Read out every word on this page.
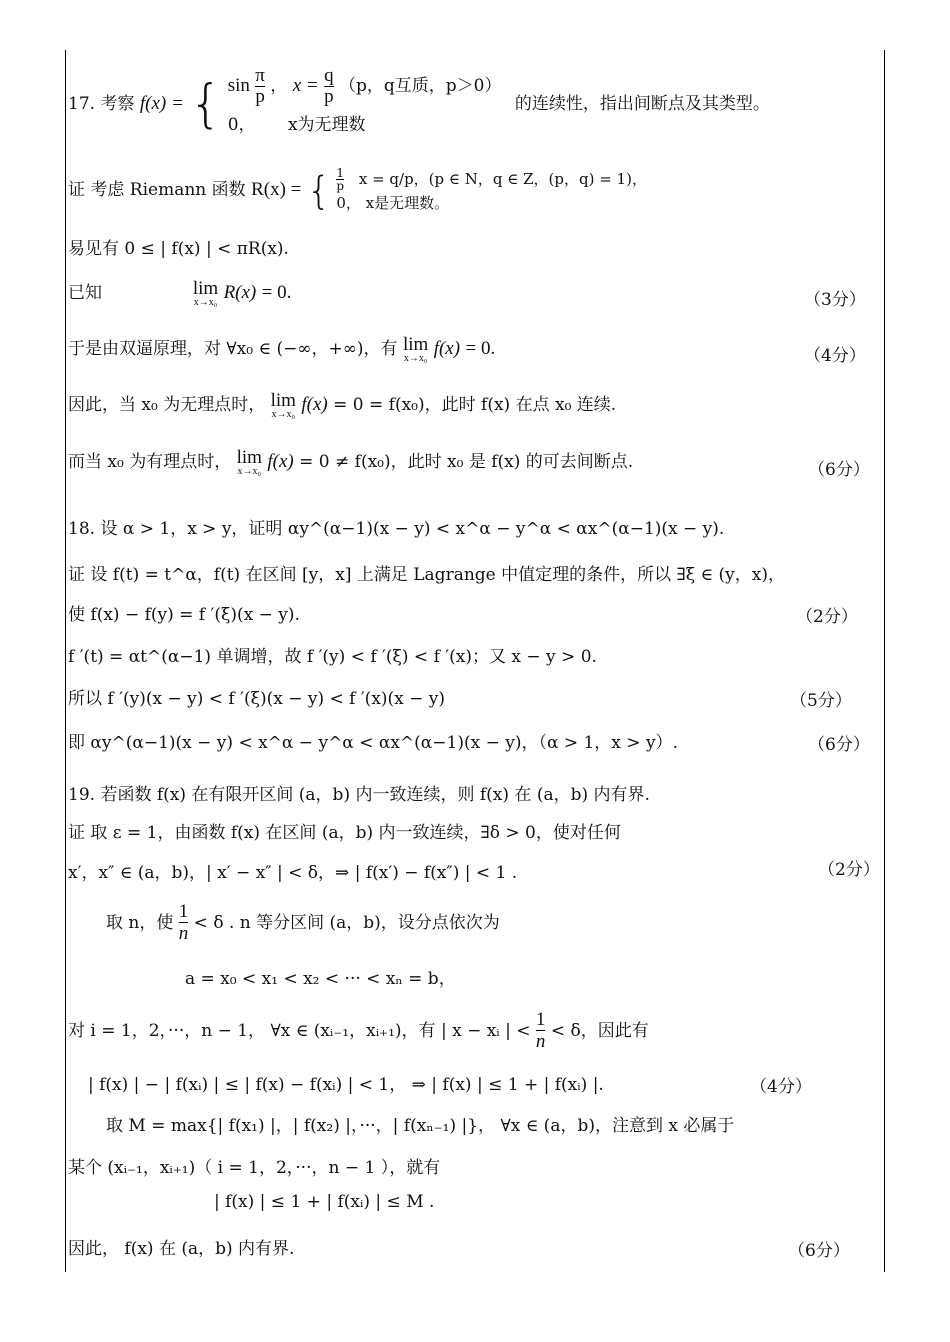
17. 考察 f(x) = { $\sin \frac{\pi}{p}$ ， $x = \frac{q}{p} (p$，q互质，p＞0）
0， x为无理数
的连续性，指出间断点及其类型。
证 考虑 Riemann 函数 R(x) = { $\frac{1}{p}$ x = q/p，(p ∈ N，q ∈ Z，(p，q) = 1)，
0， x是无理数。
易见有 0 ≤ | f(x) | < πR(x).
已知	lim
x→x₀ R(x) = 0.	（3分）
于是由双逼原理，对 ∀x₀ ∈ (−∞，+∞)，有 lim
x→x₀ f(x) = 0.	（4分）
因此，当 x₀ 为无理点时， lim
x→x₀ f(x) = 0 = f(x₀)，此时 f(x) 在点 x₀ 连续.
而当 x₀ 为有理点时， lim
x→x₀ f(x) = 0 ≠ f(x₀)，此时 x₀ 是 f(x) 的可去间断点.	（6分）
18. 设 α > 1，x > y，证明 αy^(α−1)(x − y) < x^α − y^α < αx^(α−1)(x − y).
证 设 f(t) = t^α，f(t) 在区间 [y，x] 上满足 Lagrange 中值定理的条件，所以 ∃ξ ∈ (y，x)，
使 f(x) − f(y) = f ′(ξ)(x − y).	（2分）
f ′(t) = αt^(α−1) 单调增，故 f ′(y) < f ′(ξ) < f ′(x)；又 x − y > 0.
所以 f ′(y)(x − y) < f ′(ξ)(x − y) < f ′(x)(x − y)	（5分）
即 αy^(α−1)(x − y) < x^α − y^α < αx^(α−1)(x − y)，（α > 1，x > y）.	（6分）
19. 若函数 f(x) 在有限开区间 (a，b) 内一致连续，则 f(x) 在 (a，b) 内有界.
证 取 ε = 1，由函数 f(x) 在区间 (a，b) 内一致连续，∃δ > 0，使对任何
x′，x″ ∈ (a，b)，| x′ − x″ | < δ，⇒ | f(x′) − f(x″) | < 1 .	（2分）
取 n，使 $\frac{1}{n} < \delta$ . n 等分区间 (a，b)，设分点依次为
a = x₀ < x₁ < x₂ < ··· < xₙ = b，
对 i = 1，2，···，n − 1， ∀x ∈ (xᵢ₋₁，xᵢ₊₁)，有 | x − xᵢ | < $\frac{1}{n} < \delta$，因此有
| f(x) | − | f(xᵢ) | ≤ | f(x) − f(xᵢ) | < 1， ⇒ | f(x) | ≤ 1 + | f(xᵢ) |.	（4分）
取 M = max{| f(x₁) |，| f(x₂) |，···，| f(xₙ₋₁) |}， ∀x ∈ (a，b)，注意到 x 必属于
某个 (xᵢ₋₁，xᵢ₊₁)（ i = 1，2，···，n − 1 ），就有
| f(x) | ≤ 1 + | f(xᵢ) | ≤ M .
因此， f(x) 在 (a，b) 内有界.	（6分）
